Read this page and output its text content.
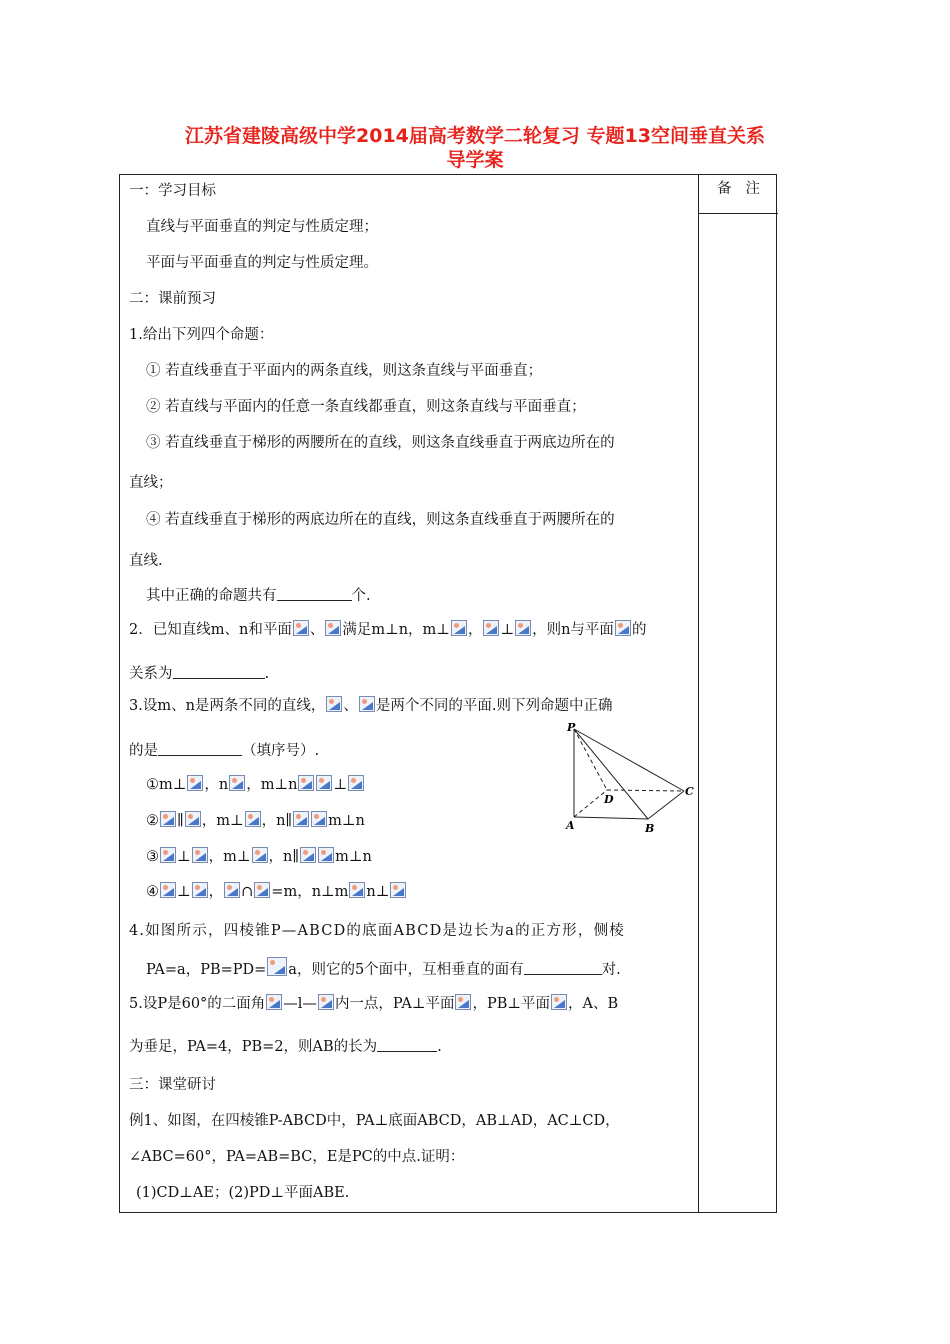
江苏省建陵高级中学2014届高考数学二轮复习 专题13空间垂直关系
导学案
备注
一：学习目标
直线与平面垂直的判定与性质定理；
平面与平面垂直的判定与性质定理。
二：课前预习
1.给出下列四个命题：
① 若直线垂直于平面内的两条直线，则这条直线与平面垂直；
② 若直线与平面内的任意一条直线都垂直，则这条直线与平面垂直；
③ 若直线垂直于梯形的两腰所在的直线，则这条直线垂直于两底边所在的
直线；
④ 若直线垂直于梯形的两底边所在的直线，则这条直线垂直于两腰所在的
直线.
其中正确的命题共有	个.
2．已知直线m、n和平面 、 满足m⊥n，m⊥ ， ⊥ ，则n与平面 的
关系为	.
3.设m、n是两条不同的直线， 、 是两个不同的平面.则下列命题中正确
的是	（填序号）.
①m⊥ ，n ，m⊥n ⊥
② ∥ ，m⊥ ，n∥ m⊥n
③ ⊥ ，m⊥ ，n∥ m⊥n
④ ⊥ ， ∩ =m，n⊥m n⊥
P
D
C
A	B
4.如图所示，四棱锥P—ABCD的底面ABCD是边长为a的正方形，侧棱
PA=a，PB=PD= a，则它的5个面中，互相垂直的面有	对.
5.设P是60°的二面角 —l— 内一点，PA⊥平面 ，PB⊥平面 ，A、B
为垂足，PA=4，PB=2，则AB的长为	.
三：课堂研讨
例1、如图，在四棱锥P-ABCD中，PA⊥底面ABCD，AB⊥AD，AC⊥CD，
∠ABC=60°，PA=AB=BC，E是PC的中点.证明：
(1)CD⊥AE；(2)PD⊥平面ABE.
